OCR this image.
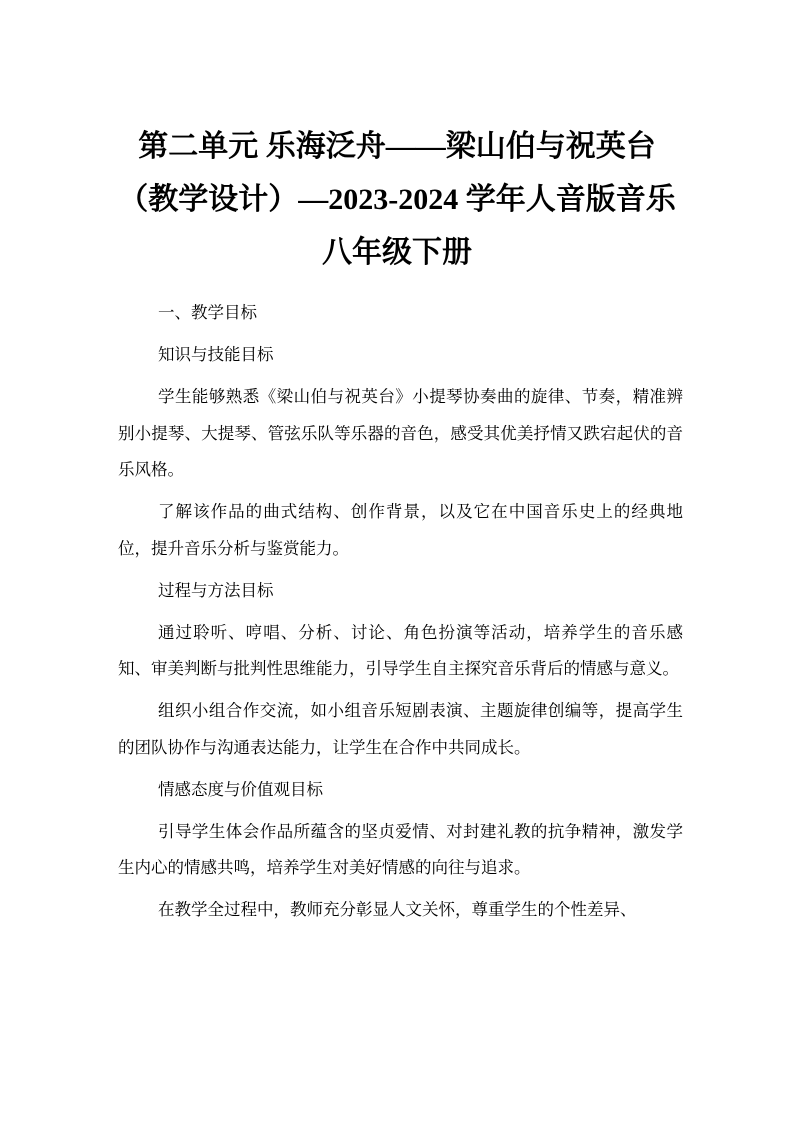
第二单元 乐海泛舟——梁山伯与祝英台
（教学设计）—2023-2024 学年人音版音乐
八年级下册

一、教学目标

知识与技能目标

学生能够熟悉《梁山伯与祝英台》小提琴协奏曲的旋律、节奏，精准辨别小提琴、大提琴、管弦乐队等乐器的音色，感受其优美抒情又跌宕起伏的音乐风格。

了解该作品的曲式结构、创作背景，以及它在中国音乐史上的经典地位，提升音乐分析与鉴赏能力。

过程与方法目标

通过聆听、哼唱、分析、讨论、角色扮演等活动，培养学生的音乐感知、审美判断与批判性思维能力，引导学生自主探究音乐背后的情感与意义。

组织小组合作交流，如小组音乐短剧表演、主题旋律创编等，提高学生的团队协作与沟通表达能力，让学生在合作中共同成长。

情感态度与价值观目标

引导学生体会作品所蕴含的坚贞爱情、对封建礼教的抗争精神，激发学生内心的情感共鸣，培养学生对美好情感的向往与追求。

在教学全过程中，教师充分彰显人文关怀，尊重学生的个性差异、
